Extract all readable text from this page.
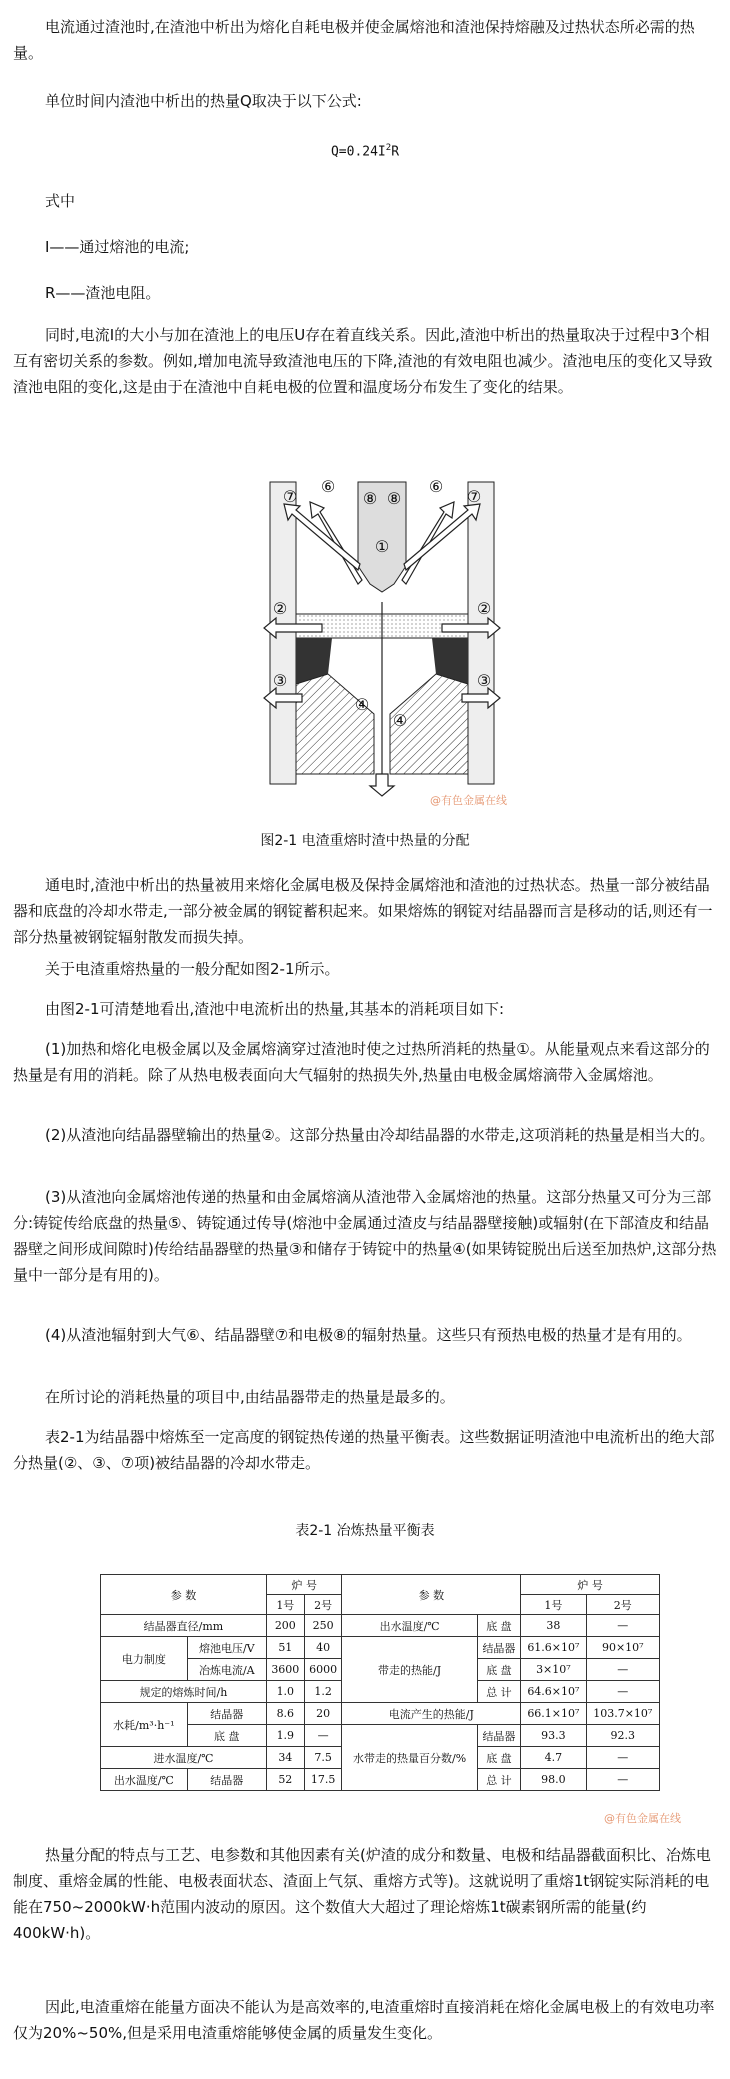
电流通过渣池时,在渣池中析出为熔化自耗电极并使金属熔池和渣池保持熔融及过热状态所必需的热量。

单位时间内渣池中析出的热量Q取决于以下公式:

$Q=0.24I^2R$

式中

I——通过熔池的电流;

R——渣池电阻。

同时,电流I的大小与加在渣池上的电压U存在着直线关系。因此,渣池中析出的热量取决于过程中3个相互有密切关系的参数。例如,增加电流导致渣池电压的下降,渣池的有效电阻也减少。渣池电压的变化又导致渣池电阻的变化,这是由于在渣池中自耗电极的位置和温度场分布发生了变化的结果。

①
②	②
③	③
④
④
⑥	⑥
⑦	⑦
⑧ ⑧
@有色金属在线
图2-1 电渣重熔时渣中热量的分配

通电时,渣池中析出的热量被用来熔化金属电极及保持金属熔池和渣池的过热状态。热量一部分被结晶器和底盘的冷却水带走,一部分被金属的钢锭蓄积起来。如果熔炼的钢锭对结晶器而言是移动的话,则还有一部分热量被钢锭辐射散发而损失掉。

关于电渣重熔热量的一般分配如图2-1所示。

由图2-1可清楚地看出,渣池中电流析出的热量,其基本的消耗项目如下:

(1)加热和熔化电极金属以及金属熔滴穿过渣池时使之过热所消耗的热量①。从能量观点来看这部分的热量是有用的消耗。除了从热电极表面向大气辐射的热损失外,热量由电极金属熔滴带入金属熔池。

(2)从渣池向结晶器壁输出的热量②。这部分热量由冷却结晶器的水带走,这项消耗的热量是相当大的。

(3)从渣池向金属熔池传递的热量和由金属熔滴从渣池带入金属熔池的热量。这部分热量又可分为三部分:铸锭传给底盘的热量⑤、铸锭通过传导(熔池中金属通过渣皮与结晶器壁接触)或辐射(在下部渣皮和结晶器壁之间形成间隙时)传给结晶器壁的热量③和储存于铸锭中的热量④(如果铸锭脱出后送至加热炉,这部分热量中一部分是有用的)。

(4)从渣池辐射到大气⑥、结晶器壁⑦和电极⑧的辐射热量。这些只有预热电极的热量才是有用的。

在所讨论的消耗热量的项目中,由结晶器带走的热量是最多的。

表2-1为结晶器中熔炼至一定高度的钢锭热传递的热量平衡表。这些数据证明渣池中电流析出的绝大部分热量(②、③、⑦项)被结晶器的冷却水带走。

表2-1 冶炼热量平衡表
参 数		炉 号		参 数		炉 号	
		1号	2号			1号	2号
结晶器直径/mm		200	250	出水温度/℃	底 盘	38	—
电力制度	熔池电压/V	51	40	带走的热能/J	结晶器	61.6×10⁷	90×10⁷
	冶炼电流/A	3600	6000		底 盘	3×10⁷	—
规定的熔炼时间/h		1.0	1.2		总 计	64.6×10⁷	—
水耗/m³·h⁻¹	结晶器	8.6	20	电流产生的热能/J		66.1×10⁷	103.7×10⁷
	底 盘	1.9	—	水带走的热量百分数/%	结晶器	93.3	92.3
进水温度/℃		34	7.5		底 盘	4.7	—
出水温度/℃	结晶器	52	17.5		总 计	98.0	—
@有色金属在线

热量分配的特点与工艺、电参数和其他因素有关(炉渣的成分和数量、电极和结晶器截面积比、冶炼电制度、重熔金属的性能、电极表面状态、渣面上气氛、重熔方式等)。这就说明了重熔1t钢锭实际消耗的电能在750~2000kW·h范围内波动的原因。这个数值大大超过了理论熔炼1t碳素钢所需的能量(约400kW·h)。

因此,电渣重熔在能量方面决不能认为是高效率的,电渣重熔时直接消耗在熔化金属电极上的有效电功率仅为20%~50%,但是采用电渣重熔能够使金属的质量发生变化。
